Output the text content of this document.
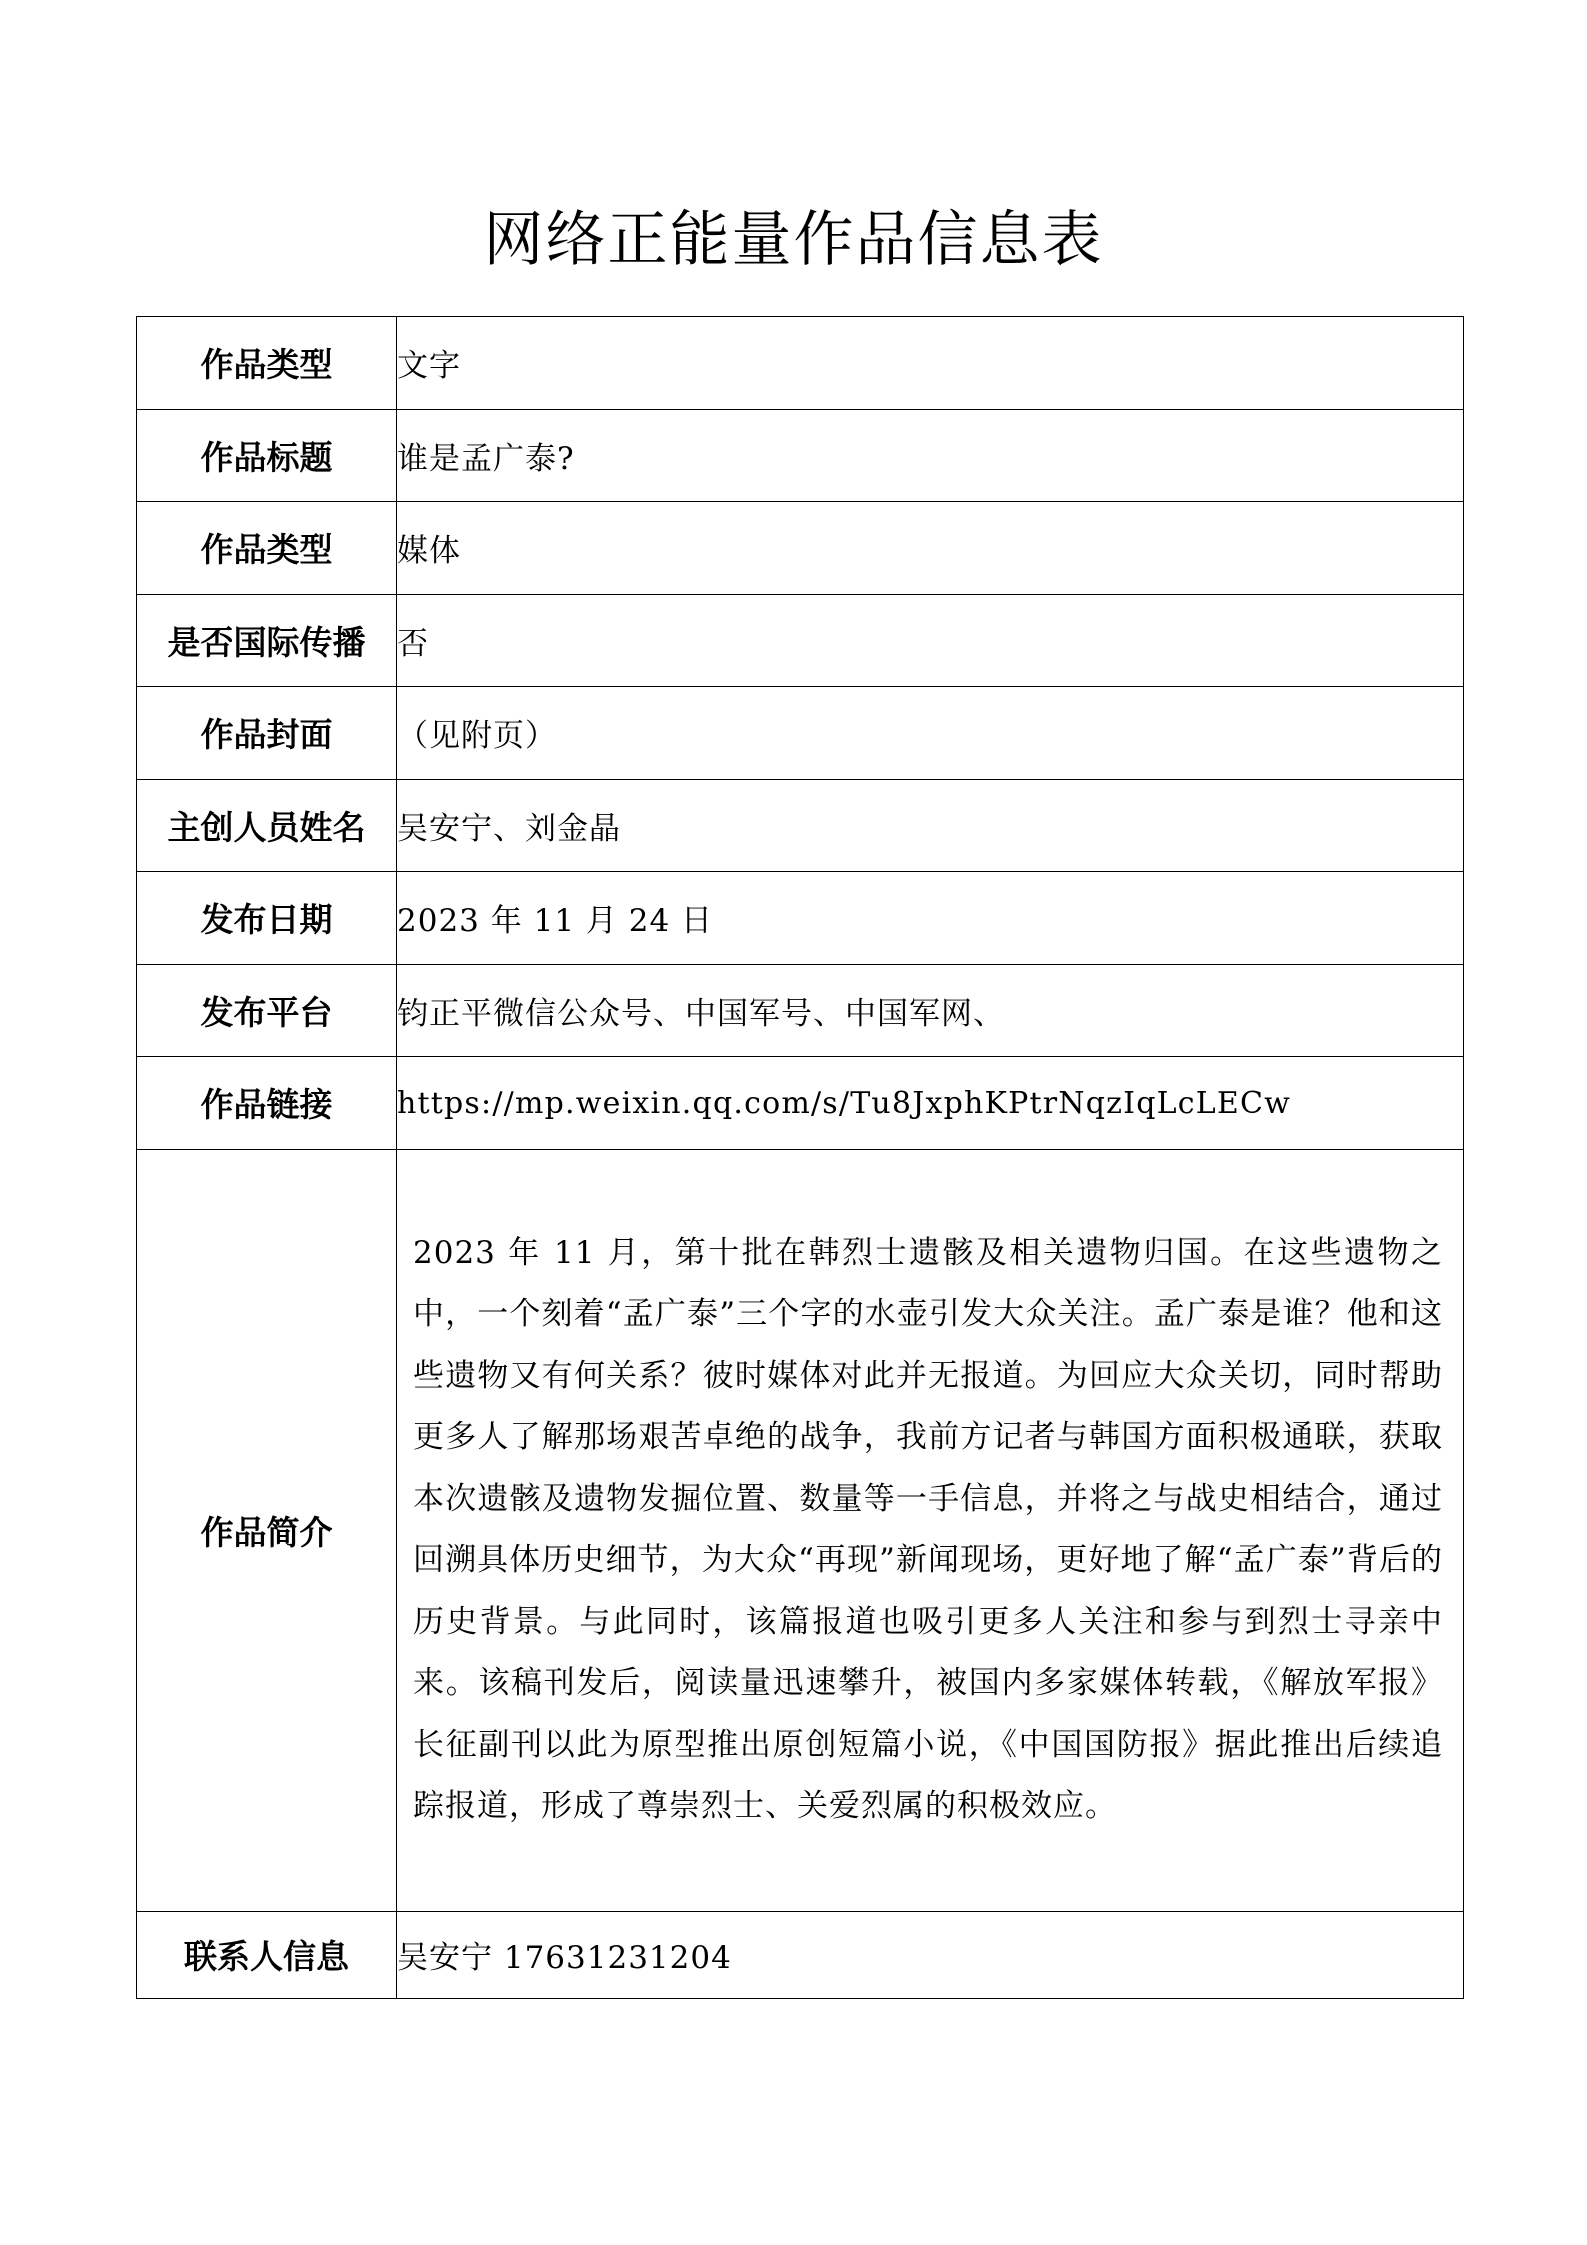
网络正能量作品信息表
作品类型	文字
作品标题	谁是孟广泰?
作品类型	媒体
是否国际传播	否
作品封面	（见附页）
主创人员姓名	吴安宁、刘金晶
发布日期	2023 年 11 月 24 日
发布平台	钧正平微信公众号、中国军号、中国军网、
作品链接	https://mp.weixin.qq.com/s/Tu8JxphKPtrNqzIqLcLECw
作品简介	2023 年 11 月，第十批在韩烈士遗骸及相关遗物归国。在这些遗物之中，一个刻着“孟广泰”三个字的水壶引发大众关注。孟广泰是谁？他和这些遗物又有何关系？彼时媒体对此并无报道。为回应大众关切，同时帮助更多人了解那场艰苦卓绝的战争，我前方记者与韩国方面积极通联，获取本次遗骸及遗物发掘位置、数量等一手信息，并将之与战史相结合，通过回溯具体历史细节，为大众“再现”新闻现场，更好地了解“孟广泰”背后的历史背景。与此同时，该篇报道也吸引更多人关注和参与到烈士寻亲中来。该稿刊发后，阅读量迅速攀升，被国内多家媒体转载，《解放军报》长征副刊以此为原型推出原创短篇小说，《中国国防报》据此推出后续追踪报道，形成了尊崇烈士、关爱烈属的积极效应。

联系人信息	吴安宁 17631231204
